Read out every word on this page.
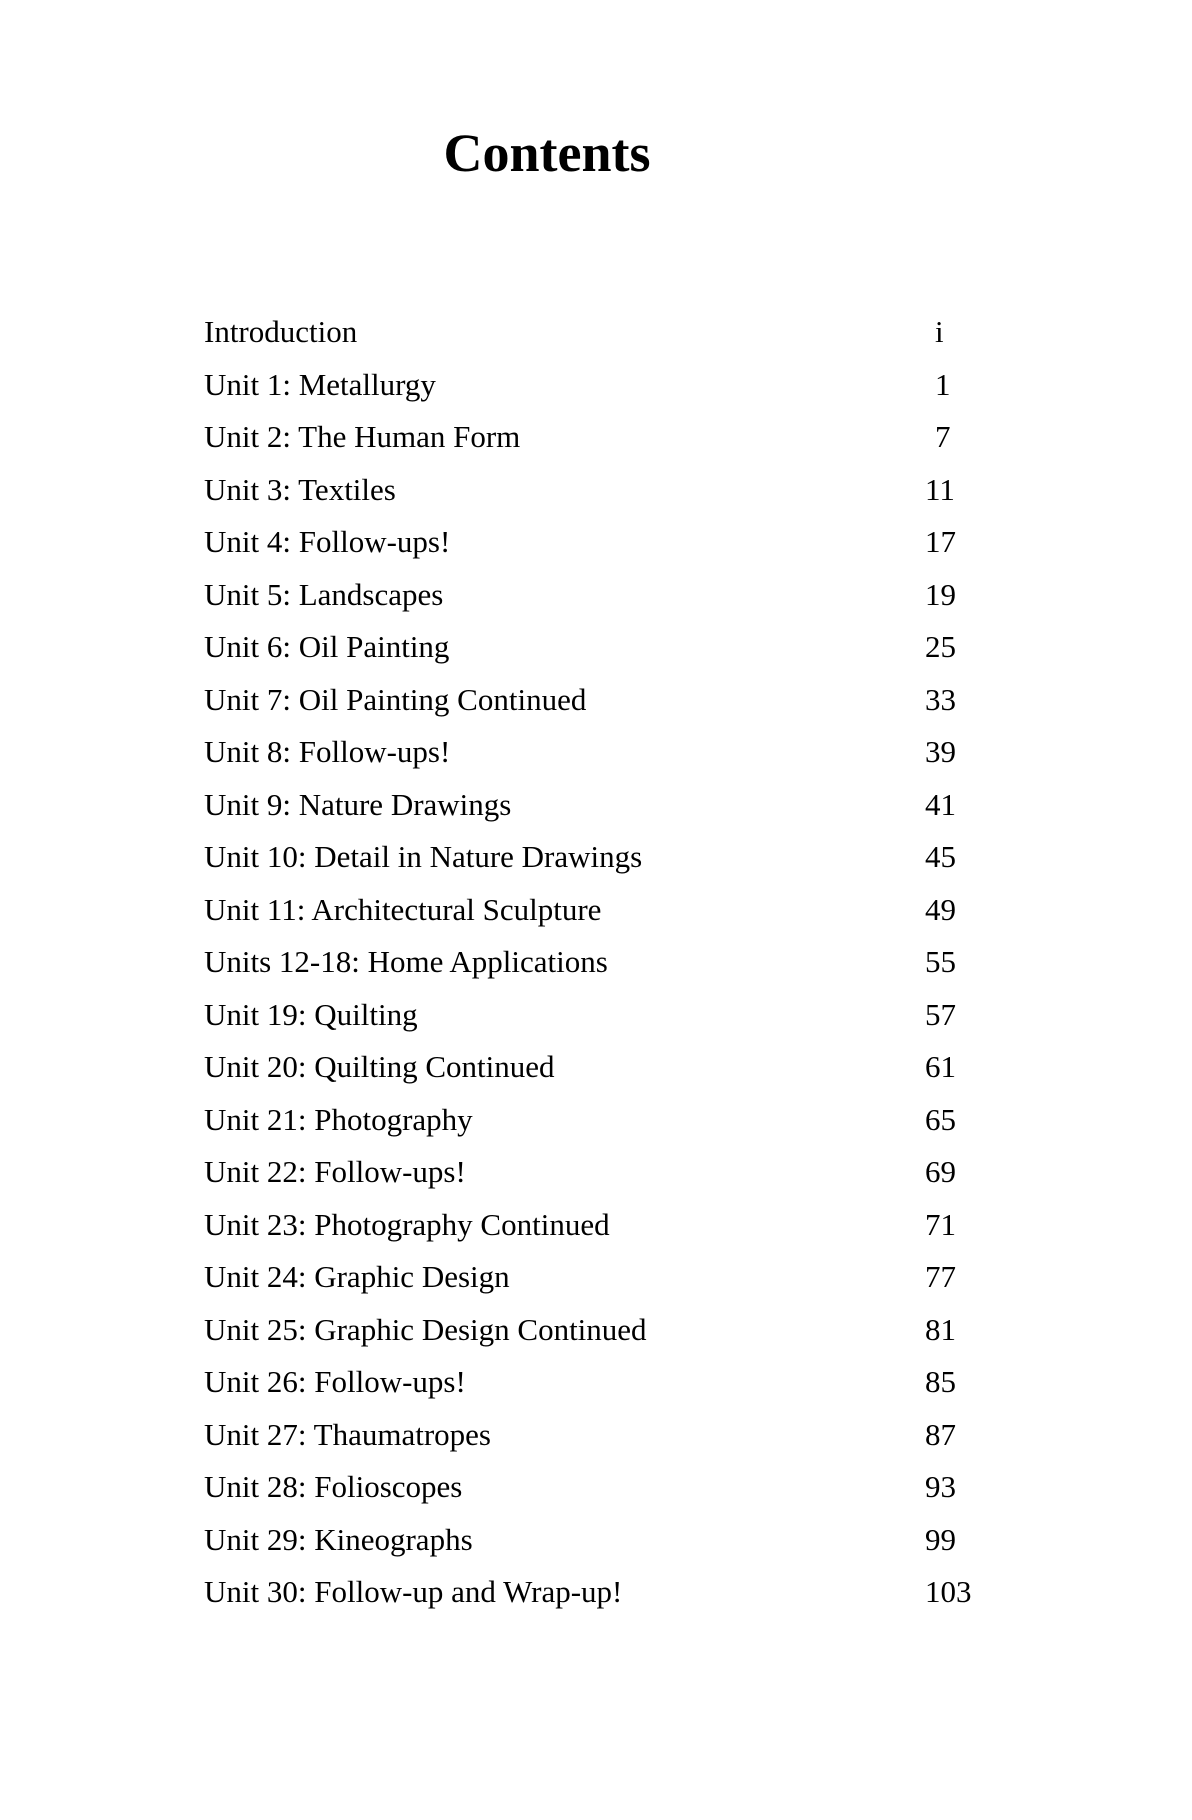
Contents
Introduction	i
Unit 1: Metallurgy	1
Unit 2: The Human Form	7
Unit 3: Textiles	11
Unit 4: Follow-ups!	17
Unit 5: Landscapes	19
Unit 6: Oil Painting	25
Unit 7: Oil Painting Continued	33
Unit 8: Follow-ups!	39
Unit 9: Nature Drawings	41
Unit 10: Detail in Nature Drawings	45
Unit 11: Architectural Sculpture	49
Units 12-18: Home Applications	55
Unit 19: Quilting	57
Unit 20: Quilting Continued	61
Unit 21: Photography	65
Unit 22: Follow-ups!	69
Unit 23: Photography Continued	71
Unit 24: Graphic Design	77
Unit 25: Graphic Design Continued	81
Unit 26: Follow-ups!	85
Unit 27: Thaumatropes	87
Unit 28: Folioscopes	93
Unit 29: Kineographs	99
Unit 30: Follow-up and Wrap-up!	103
